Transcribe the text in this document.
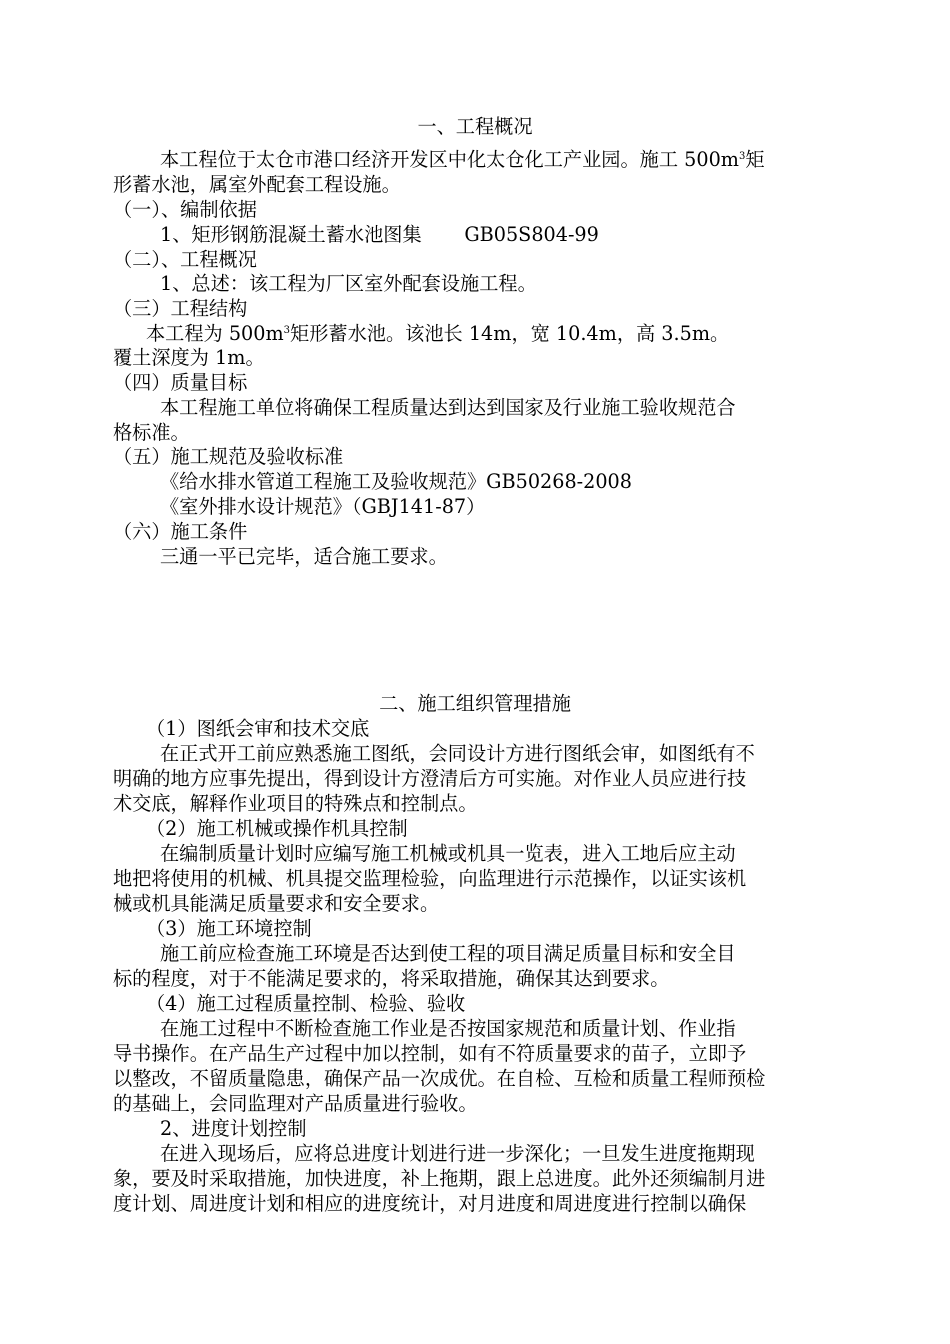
一、工程概况
本工程位于太仓市港口经济开发区中化太仓化工产业园。施工 $500m^3$矩
形蓄水池，属室外配套工程设施。
（一）、编制依据
1、矩形钢筋混凝土蓄水池图集       GB05S804-99
（二）、工程概况
1、总述：该工程为厂区室外配套设施工程。
（三）工程结构
本工程为 $500m^3$矩形蓄水池。该池长 14m，宽 10.4m，高 3.5m。
覆土深度为 1m。
（四）质量目标
本工程施工单位将确保工程质量达到达到国家及行业施工验收规范合
格标准。
（五）施工规范及验收标准
《给水排水管道工程施工及验收规范》GB50268-2008
《室外排水设计规范》（GBJ141-87）
（六）施工条件
三通一平已完毕，适合施工要求。
二、施工组织管理措施
（1）图纸会审和技术交底
在正式开工前应熟悉施工图纸，会同设计方进行图纸会审，如图纸有不
明确的地方应事先提出，得到设计方澄清后方可实施。对作业人员应进行技
术交底，解释作业项目的特殊点和控制点。
（2）施工机械或操作机具控制
在编制质量计划时应编写施工机械或机具一览表，进入工地后应主动
地把将使用的机械、机具提交监理检验，向监理进行示范操作，以证实该机
械或机具能满足质量要求和安全要求。
（3）施工环境控制
施工前应检查施工环境是否达到使工程的项目满足质量目标和安全目
标的程度，对于不能满足要求的，将采取措施，确保其达到要求。
（4）施工过程质量控制、检验、验收
在施工过程中不断检查施工作业是否按国家规范和质量计划、作业指
导书操作。在产品生产过程中加以控制，如有不符质量要求的苗子，立即予
以整改，不留质量隐患，确保产品一次成优。在自检、互检和质量工程师预检
的基础上，会同监理对产品质量进行验收。
2、进度计划控制
在进入现场后，应将总进度计划进行进一步深化；一旦发生进度拖期现
象，要及时采取措施，加快进度，补上拖期，跟上总进度。此外还须编制月进
度计划、周进度计划和相应的进度统计，对月进度和周进度进行控制以确保
